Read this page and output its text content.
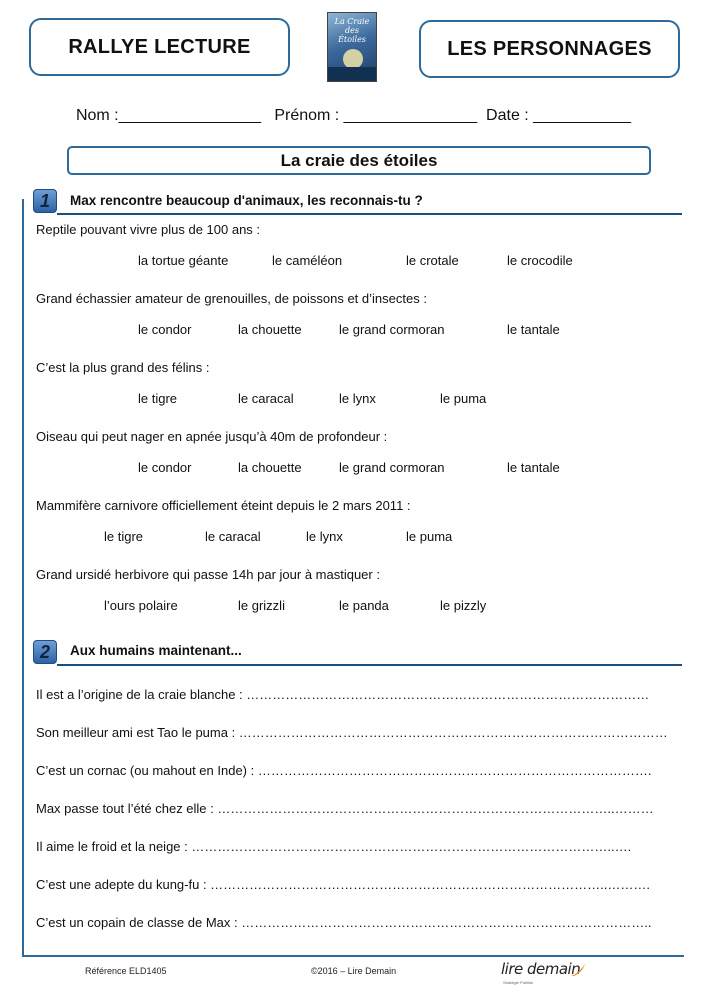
RALLYE LECTURE
La Craie des Étoiles	LES PERSONNAGES
Nom :________________   Prénom : _______________  Date : ___________
La craie des étoiles
1	Max rencontre beaucoup d'animaux, les reconnais-tu ?
Reptile pouvant vivre plus de 100 ans :
la tortue géante	le caméléon	le crotale	le crocodile
Grand échassier amateur de grenouilles, de poissons et d’insectes :
le condor	la chouette	le grand cormoran	le tantale
C’est la plus grand des félins :
le tigre	le caracal	le lynx	le puma
Oiseau qui peut nager en apnée jusqu’à 40m de profondeur :
le condor	la chouette	le grand cormoran	le tantale
Mammifère carnivore officiellement éteint depuis le 2 mars 2011 :
le tigre	le caracal	le lynx	le puma
Grand ursidé herbivore qui passe 14h par jour à mastiquer :
l’ours polaire	le grizzli	le panda	le pizzly
2	Aux humains maintenant...
Il est a l’origine de la craie blanche : …………………………………………………………………………………
Son meilleur ami est Tao le puma : ………………………………………………………………………………………
C’est un cornac (ou mahout en Inde) : ……………………………………………………………………………….
Max passe tout l’été chez elle : ………………………………………………………………………………..………
Il aime le froid et la neige : ……………………………………………………………………………………..….
C’est une adepte du kung-fu : ………………………………………………………………………………..……….
C’est un copain de classe de Max : …………………………………………………………………………………..
Référence ELD1405	©2016 – Lire Demain	lire demain
Stratégie Publish
